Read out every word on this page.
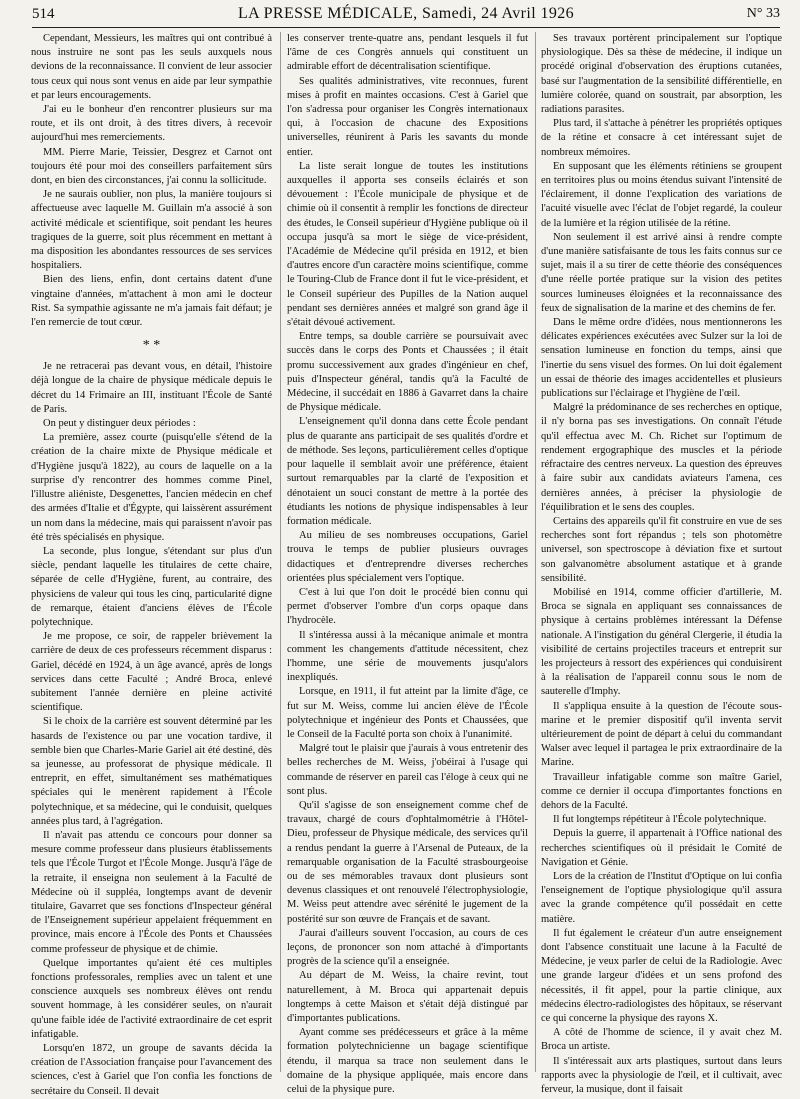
514	LA PRESSE MÉDICALE, Samedi, 24 Avril 1926	N° 33

Cependant, Messieurs, les maîtres qui ont contribué à nous instruire ne sont pas les seuls auxquels nous devions de la reconnaissance. Il convient de leur associer tous ceux qui nous sont venus en aide par leur sympathie et par leurs encouragements.

J'ai eu le bonheur d'en rencontrer plusieurs sur ma route, et ils ont droit, à des titres divers, à recevoir aujourd'hui mes remerciements.

MM. Pierre Marie, Teissier, Desgrez et Carnot ont toujours été pour moi des conseillers parfaitement sûrs dont, en bien des circonstances, j'ai connu la sollicitude.

Je ne saurais oublier, non plus, la manière toujours si affectueuse avec laquelle M. Guillain m'a associé à son activité médicale et scientifique, soit pendant les heures tragiques de la guerre, soit plus récemment en mettant à ma disposition les abondantes ressources de ses services hospitaliers.

Bien des liens, enfin, dont certains datent d'une vingtaine d'années, m'attachent à mon ami le docteur Rist. Sa sympathie agissante ne m'a jamais fait défaut; je l'en remercie de tout cœur.

* *

Je ne retracerai pas devant vous, en détail, l'histoire déjà longue de la chaire de physique médicale depuis le décret du 14 Frimaire an III, instituant l'École de Santé de Paris.

On peut y distinguer deux périodes :

La première, assez courte (puisqu'elle s'étend de la création de la chaire mixte de Physique médicale et d'Hygiène jusqu'à 1822), au cours de laquelle on a la surprise d'y rencontrer des hommes comme Pinel, l'illustre aliéniste, Desgenettes, l'ancien médecin en chef des armées d'Italie et d'Égypte, qui laissèrent assurément un nom dans la médecine, mais qui paraissent n'avoir pas été très spécialisés en physique.

La seconde, plus longue, s'étendant sur plus d'un siècle, pendant laquelle les titulaires de cette chaire, séparée de celle d'Hygiène, furent, au contraire, des physiciens de valeur qui tous les cinq, particularité digne de remarque, étaient d'anciens élèves de l'École polytechnique.

Je me propose, ce soir, de rappeler brièvement la carrière de deux de ces professeurs récemment disparus : Gariel, décédé en 1924, à un âge avancé, après de longs services dans cette Faculté ; André Broca, enlevé subitement l'année dernière en pleine activité scientifique.

Si le choix de la carrière est souvent déterminé par les hasards de l'existence ou par une vocation tardive, il semble bien que Charles-Marie Gariel ait été destiné, dès sa jeunesse, au professorat de physique médicale. Il entreprit, en effet, simultanément ses mathématiques spéciales qui le menèrent rapidement à l'École polytechnique, et sa médecine, qui le conduisit, quelques années plus tard, à l'agrégation.

Il n'avait pas attendu ce concours pour donner sa mesure comme professeur dans plusieurs établissements tels que l'École Turgot et l'École Monge. Jusqu'à l'âge de la retraite, il enseigna non seulement à la Faculté de Médecine où il suppléa, longtemps avant de devenir titulaire, Gavarret que ses fonctions d'Inspecteur général de l'Enseignement supérieur appelaient fréquemment en province, mais encore à l'École des Ponts et Chaussées comme professeur de physique et de chimie.

Quelque importantes qu'aient été ces multiples fonctions professorales, remplies avec un talent et une conscience auxquels ses nombreux élèves ont rendu souvent hommage, à les considérer seules, on n'aurait qu'une faible idée de l'activité extraordinaire de cet esprit infatigable.

Lorsqu'en 1872, un groupe de savants décida la création de l'Association française pour l'avancement des sciences, c'est à Gariel que l'on confia les fonctions de secrétaire du Conseil. Il devait

les conserver trente-quatre ans, pendant lesquels il fut l'âme de ces Congrès annuels qui constituent un admirable effort de décentralisation scientifique.

Ses qualités administratives, vite reconnues, furent mises à profit en maintes occasions. C'est à Gariel que l'on s'adressa pour organiser les Congrès internationaux qui, à l'occasion de chacune des Expositions universelles, réunirent à Paris les savants du monde entier.

La liste serait longue de toutes les institutions auxquelles il apporta ses conseils éclairés et son dévouement : l'École municipale de physique et de chimie où il consentit à remplir les fonctions de directeur des études, le Conseil supérieur d'Hygiène publique où il occupa jusqu'à sa mort le siège de vice-président, l'Académie de Médecine qu'il présida en 1912, et bien d'autres encore d'un caractère moins scientifique, comme le Touring-Club de France dont il fut le vice-président, et le Conseil supérieur des Pupilles de la Nation auquel pendant ses dernières années et malgré son grand âge il s'était dévoué activement.

Entre temps, sa double carrière se poursuivait avec succès dans le corps des Ponts et Chaussées ; il était promu successivement aux grades d'ingénieur en chef, puis d'Inspecteur général, tandis qu'à la Faculté de Médecine, il succédait en 1886 à Gavarret dans la chaire de Physique médicale.

L'enseignement qu'il donna dans cette École pendant plus de quarante ans participait de ses qualités d'ordre et de méthode. Ses leçons, particulièrement celles d'optique pour laquelle il semblait avoir une préférence, étaient surtout remarquables par la clarté de l'exposition et dénotaient un souci constant de mettre à la portée des étudiants les notions de physique indispensables à leur formation médicale.

Au milieu de ses nombreuses occupations, Gariel trouva le temps de publier plusieurs ouvrages didactiques et d'entreprendre diverses recherches orientées plus spécialement vers l'optique.

C'est à lui que l'on doit le procédé bien connu qui permet d'observer l'ombre d'un corps opaque dans l'hydrocèle.

Il s'intéressa aussi à la mécanique animale et montra comment les changements d'attitude nécessitent, chez l'homme, une série de mouvements jusqu'alors inexpliqués.

Lorsque, en 1911, il fut atteint par la limite d'âge, ce fut sur M. Weiss, comme lui ancien élève de l'École polytechnique et ingénieur des Ponts et Chaussées, que le Conseil de la Faculté porta son choix à l'unanimité.

Malgré tout le plaisir que j'aurais à vous entretenir des belles recherches de M. Weiss, j'obéirai à l'usage qui commande de réserver en pareil cas l'éloge à ceux qui ne sont plus.

Qu'il s'agisse de son enseignement comme chef de travaux, chargé de cours d'ophtalmométrie à l'Hôtel-Dieu, professeur de Physique médicale, des services qu'il a rendus pendant la guerre à l'Arsenal de Puteaux, de la remarquable organisation de la Faculté strasbourgeoise ou de ses mémorables travaux dont plusieurs sont devenus classiques et ont renouvelé l'électrophysiologie, M. Weiss peut attendre avec sérénité le jugement de la postérité sur son œuvre de Français et de savant.

J'aurai d'ailleurs souvent l'occasion, au cours de ces leçons, de prononcer son nom attaché à d'importants progrès de la science qu'il a enseignée.

Au départ de M. Weiss, la chaire revint, tout naturellement, à M. Broca qui appartenait depuis longtemps à cette Maison et s'était déjà distingué par d'importantes publications.

Ayant comme ses prédécesseurs et grâce à la même formation polytechnicienne un bagage scientifique étendu, il marqua sa trace non seulement dans le domaine de la physique appliquée, mais encore dans celui de la physique pure.

Ses travaux portèrent principalement sur l'optique physiologique. Dès sa thèse de médecine, il indique un procédé original d'observation des éruptions cutanées, basé sur l'augmentation de la sensibilité différentielle, en lumière colorée, quand on soustrait, par absorption, les radiations parasites.

Plus tard, il s'attache à pénétrer les propriétés optiques de la rétine et consacre à cet intéressant sujet de nombreux mémoires.

En supposant que les éléments rétiniens se groupent en territoires plus ou moins étendus suivant l'intensité de l'éclairement, il donne l'explication des variations de l'acuité visuelle avec l'éclat de l'objet regardé, la couleur de la lumière et la région utilisée de la rétine.

Non seulement il est arrivé ainsi à rendre compte d'une manière satisfaisante de tous les faits connus sur ce sujet, mais il a su tirer de cette théorie des conséquences d'une réelle portée pratique sur la vision des petites sources lumineuses éloignées et la reconnaissance des feux de signalisation de la marine et des chemins de fer.

Dans le même ordre d'idées, nous mentionnerons les délicates expériences exécutées avec Sulzer sur la loi de sensation lumineuse en fonction du temps, ainsi que l'inertie du sens visuel des formes. On lui doit également un essai de théorie des images accidentelles et plusieurs publications sur l'éclairage et l'hygiène de l'œil.

Malgré la prédominance de ses recherches en optique, il n'y borna pas ses investigations. On connaît l'étude qu'il effectua avec M. Ch. Richet sur l'optimum de rendement ergographique des muscles et la période réfractaire des centres nerveux. La question des épreuves à faire subir aux candidats aviateurs l'amena, ces dernières années, à préciser la physiologie de l'équilibration et le sens des couples.

Certains des appareils qu'il fit construire en vue de ses recherches sont fort répandus ; tels son photomètre universel, son spectroscope à déviation fixe et surtout son galvanomètre absolument astatique et à grande sensibilité.

Mobilisé en 1914, comme officier d'artillerie, M. Broca se signala en appliquant ses connaissances de physique à certains problèmes intéressant la Défense nationale. A l'instigation du général Clergerie, il étudia la visibilité de certains projectiles traceurs et entreprit sur les projecteurs à ressort des expériences qui conduisirent à la réalisation de l'appareil connu sous le nom de sauterelle d'Imphy.

Il s'appliqua ensuite à la question de l'écoute sous-marine et le premier dispositif qu'il inventa servit ultérieurement de point de départ à celui du commandant Walser avec lequel il partagea le prix extraordinaire de la Marine.

Travailleur infatigable comme son maître Gariel, comme ce dernier il occupa d'importantes fonctions en dehors de la Faculté.

Il fut longtemps répétiteur à l'École polytechnique.

Depuis la guerre, il appartenait à l'Office national des recherches scientifiques où il présidait le Comité de Navigation et Génie.

Lors de la création de l'Institut d'Optique on lui confia l'enseignement de l'optique physiologique qu'il assura avec la grande compétence qu'il possédait en cette matière.

Il fut également le créateur d'un autre enseignement dont l'absence constituait une lacune à la Faculté de Médecine, je veux parler de celui de la Radiologie. Avec une grande largeur d'idées et un sens profond des nécessités, il fit appel, pour la partie clinique, aux médecins électro-radiologistes des hôpitaux, se réservant ce qui concerne la physique des rayons X.

A côté de l'homme de science, il y avait chez M. Broca un artiste.

Il s'intéressait aux arts plastiques, surtout dans leurs rapports avec la physiologie de l'œil, et il cultivait, avec ferveur, la musique, dont il faisait
